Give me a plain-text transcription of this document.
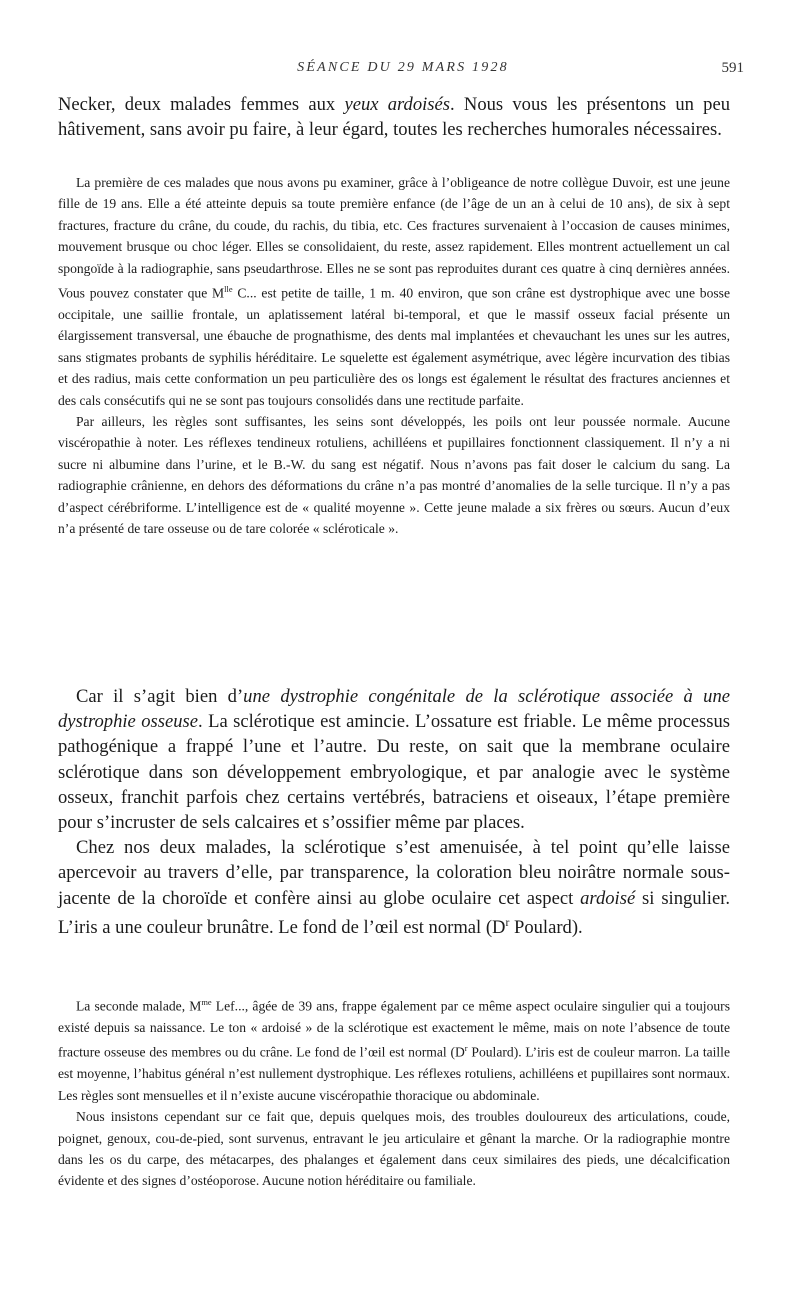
SÉANCE DU 29 MARS 1928	591

Necker, deux malades femmes aux yeux ardoisés. Nous vous les présentons un peu hâtivement, sans avoir pu faire, à leur égard, toutes les recherches humorales nécessaires.

La première de ces malades que nous avons pu examiner, grâce à l’obligeance de notre collègue Duvoir, est une jeune fille de 19 ans. Elle a été atteinte depuis sa toute première enfance (de l’âge de un an à celui de 10 ans), de six à sept fractures, fracture du crâne, du coude, du rachis, du tibia, etc. Ces fractures survenaient à l’occasion de causes minimes, mouvement brusque ou choc léger. Elles se consolidaient, du reste, assez rapidement. Elles montrent actuellement un cal spongoïde à la radiographie, sans pseudarthrose. Elles ne se sont pas reproduites durant ces quatre à cinq dernières années. Vous pouvez constater que $M^{lle}$ C... est petite de taille, 1 m. 40 environ, que son crâne est dystrophique avec une bosse occipitale, une saillie frontale, un aplatissement latéral bi-temporal, et que le massif osseux facial présente un élargissement transversal, une ébauche de prognathisme, des dents mal implantées et chevauchant les unes sur les autres, sans stigmates probants de syphilis héréditaire. Le squelette est également asymétrique, avec légère incurvation des tibias et des radius, mais cette conformation un peu particulière des os longs est également le résultat des fractures anciennes et des cals consécutifs qui ne se sont pas toujours consolidés dans une rectitude parfaite.

Par ailleurs, les règles sont suffisantes, les seins sont développés, les poils ont leur poussée normale. Aucune viscéropathie à noter. Les réflexes tendineux rotuliens, achilléens et pupillaires fonctionnent classiquement. Il n’y a ni sucre ni albumine dans l’urine, et le B.-W. du sang est négatif. Nous n’avons pas fait doser le calcium du sang. La radiographie crânienne, en dehors des déformations du crâne n’a pas montré d’anomalies de la selle turcique. Il n’y a pas d’aspect cérébriforme. L’intelligence est de « qualité moyenne ». Cette jeune malade a six frères ou sœurs. Aucun d’eux n’a présenté de tare osseuse ou de tare colorée « scléroticale ».

Car il s’agit bien d’une dystrophie congénitale de la sclérotique associée à une dystrophie osseuse. La sclérotique est amincie. L’ossature est friable. Le même processus pathogénique a frappé l’une et l’autre. Du reste, on sait que la membrane oculaire sclérotique dans son développement embryologique, et par analogie avec le système osseux, franchit parfois chez certains vertébrés, batraciens et oiseaux, l’étape première pour s’incruster de sels calcaires et s’ossifier même par places.

Chez nos deux malades, la sclérotique s’est amenuisée, à tel point qu’elle laisse apercevoir au travers d’elle, par transparence, la coloration bleu noirâtre normale sous-jacente de la choroïde et confère ainsi au globe oculaire cet aspect ardoisé si singulier. L’iris a une couleur brunâtre. Le fond de l’œil est normal ($D^r$ Poulard).

La seconde malade, $M^{me}$ Lef..., âgée de 39 ans, frappe également par ce même aspect oculaire singulier qui a toujours existé depuis sa naissance. Le ton « ardoisé » de la sclérotique est exactement le même, mais on note l’absence de toute fracture osseuse des membres ou du crâne. Le fond de l’œil est normal ($D^r$ Poulard). L’iris est de couleur marron. La taille est moyenne, l’habitus général n’est nullement dystrophique. Les réflexes rotuliens, achilléens et pupillaires sont normaux. Les règles sont mensuelles et il n’existe aucune viscéropathie thoracique ou abdominale.

Nous insistons cependant sur ce fait que, depuis quelques mois, des troubles douloureux des articulations, coude, poignet, genoux, cou-de-pied, sont survenus, entravant le jeu articulaire et gênant la marche. Or la radiographie montre dans les os du carpe, des métacarpes, des phalanges et également dans ceux similaires des pieds, une décalcification évidente et des signes d’ostéoporose. Aucune notion héréditaire ou familiale.
